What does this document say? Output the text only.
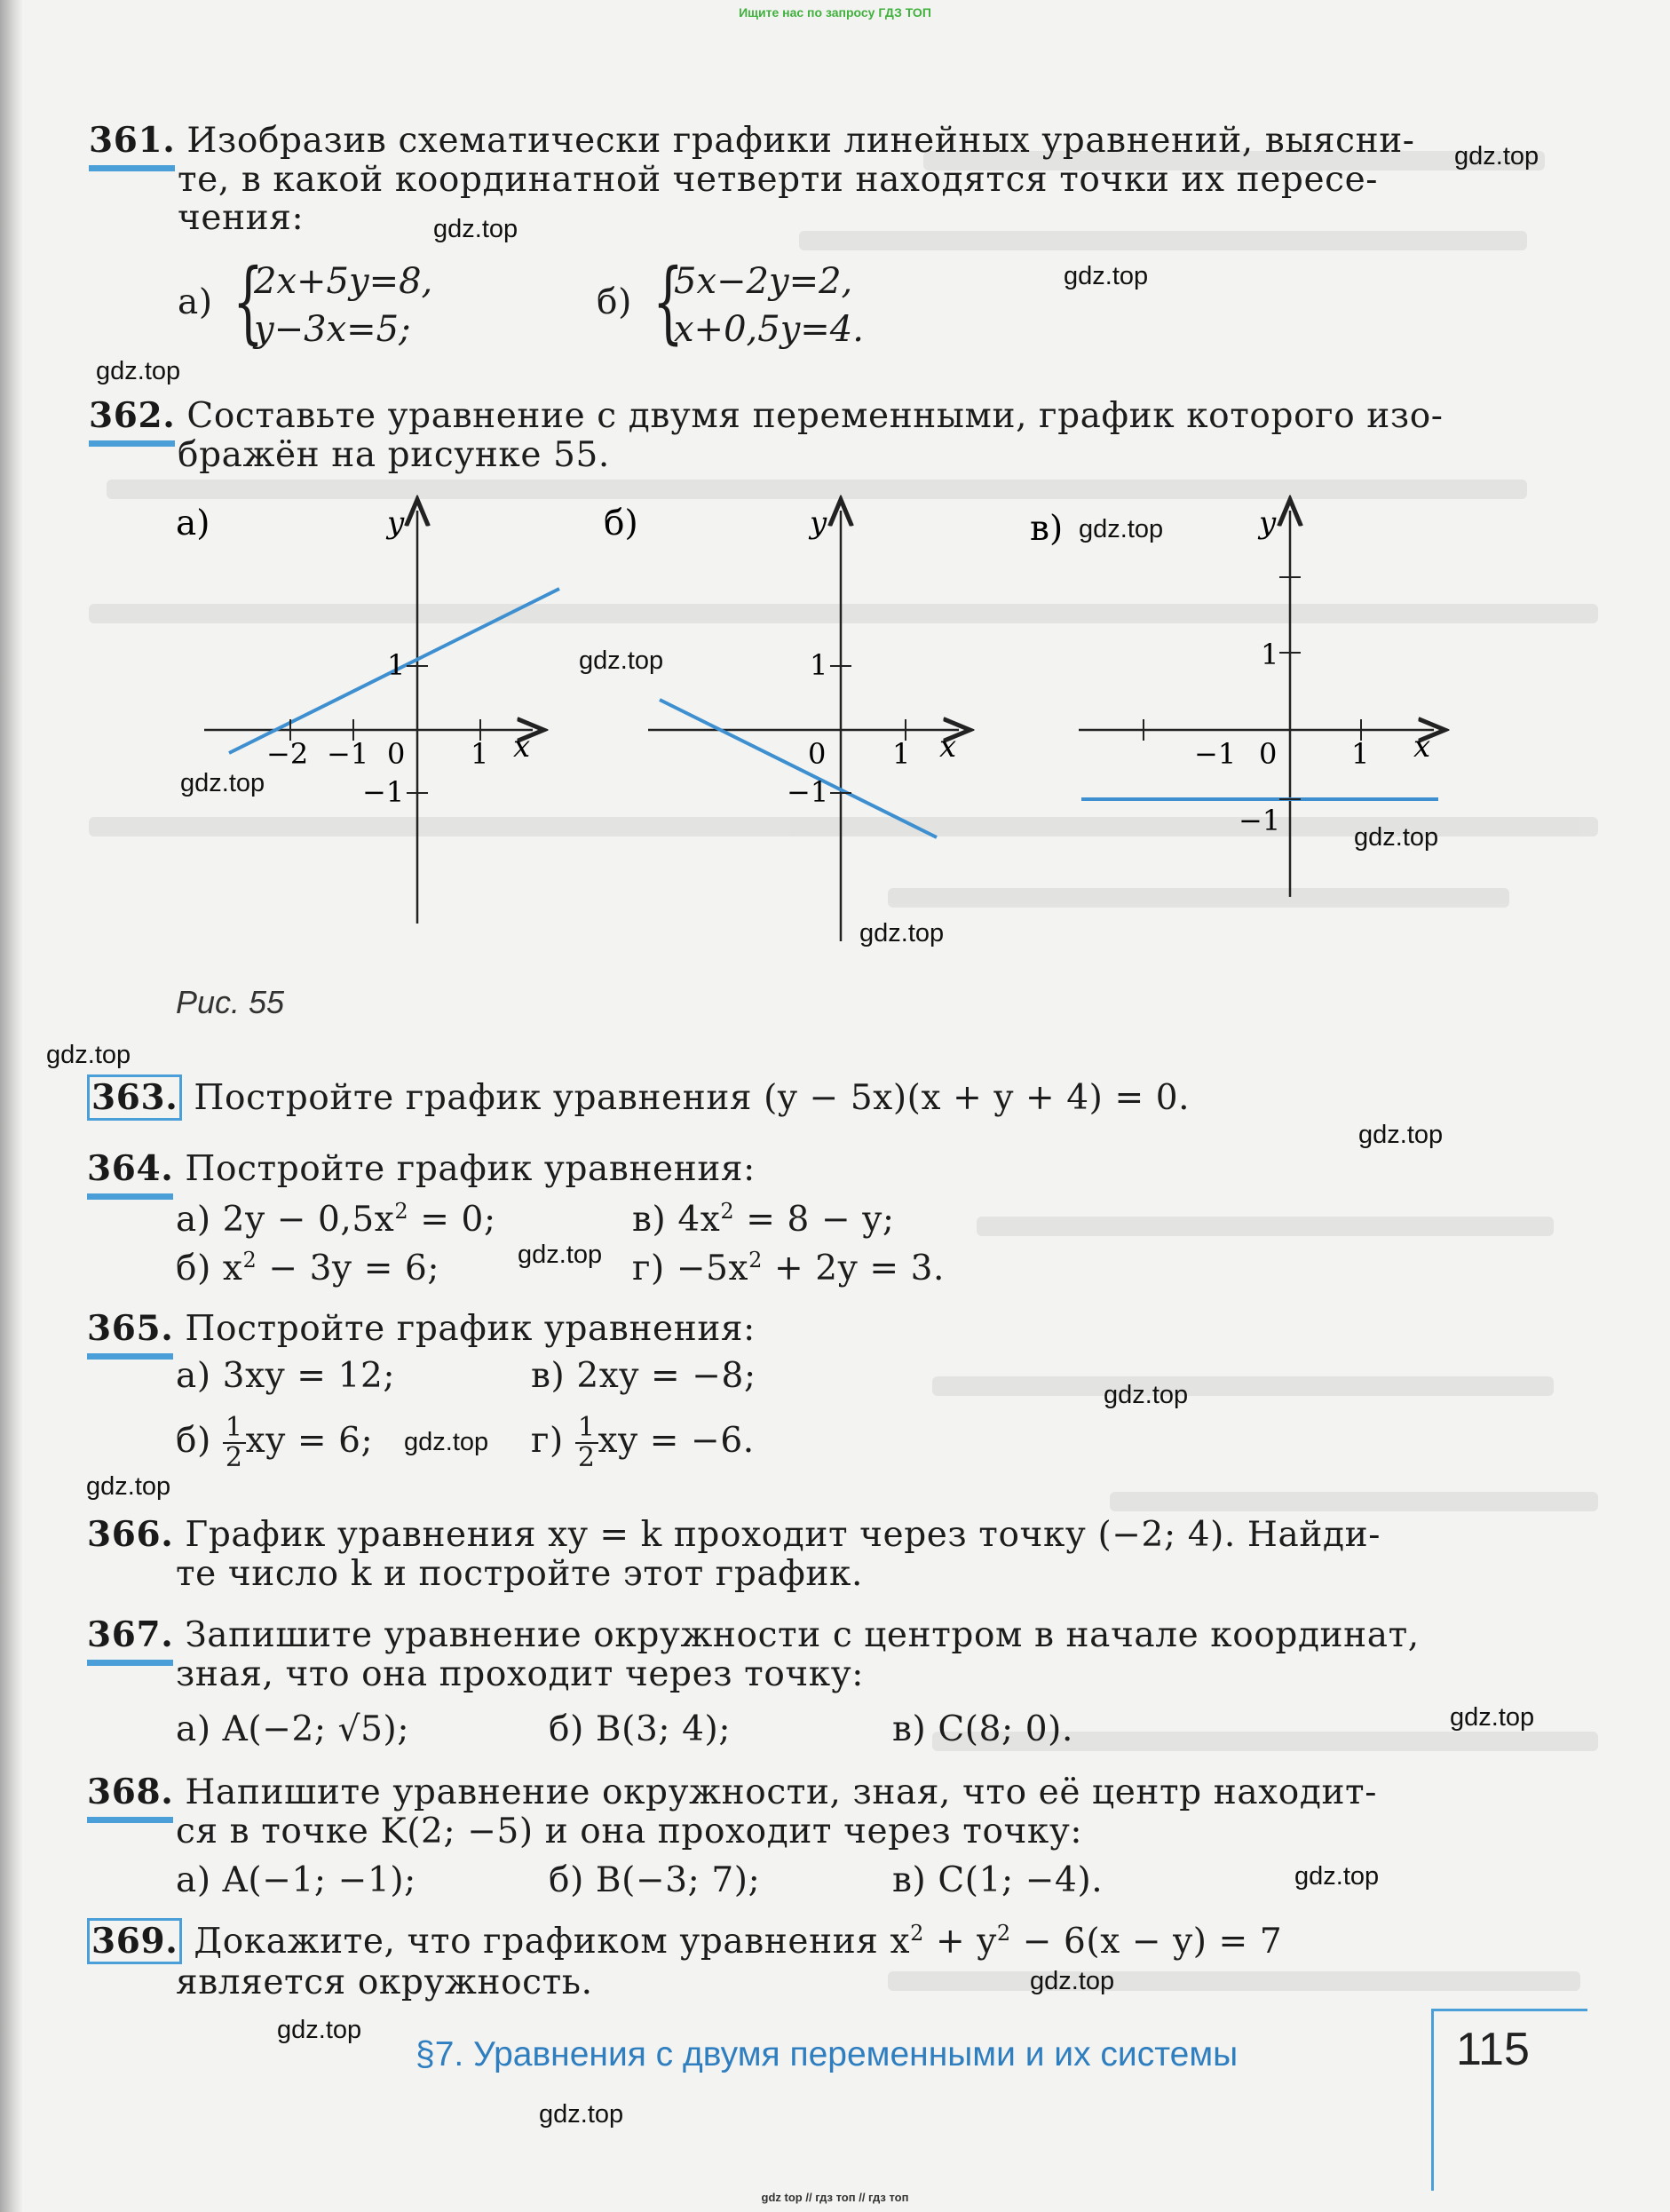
Ищите нас по запросу ГДЗ ТОП
361. Изобразив схематически графики линейных уравнений, выясни-
те, в какой координатной четверти находятся точки их пересе-
чения:
а) {
2x+5y=8,
y−3x=5;
б) {
5x−2y=2,
x+0,5y=4.
362. Составьте уравнение с двумя переменными, график которого изо-
бражён на рисунке 55.
а)	y
x
1
−2 −1 0 1
−1
б)	y
x
1
0 1
−1
в)	y
x
1
−1 0	1
−1
Рис. 55
363. Постройте график уравнения (y − 5x)(x + y + 4) = 0.
364. Постройте график уравнения:
а) $2y - 0,5x^2 = 0$;	в) $4x^2 = 8 - y$;
б) $x^2 - 3y = 6$;	$г) -5x^2 + 2y = 3$.
365. Постройте график уравнения:
а) 3xy = 12;	в) 2xy = −8;
$б) \frac{1}{2}$ xy = 6;	$г) \frac{1}{2}$ xy = −6.
366. График уравнения xy = k проходит через точку (−2; 4). Найди-
те число k и постройте этот график.
367. Запишите уравнение окружности с центром в начале координат,
зная, что она проходит через точку:
а) A(−2; √5);	б) B(3; 4);	в) C(8; 0).
368. Напишите уравнение окружности, зная, что её центр находит-
ся в точке K(2; −5) и она проходит через точку:
а) A(−1; −1);	б) B(−3; 7);	в) C(1; −4).
369. Докажите, что графиком уравнения $x^2 + y^2 - 6(x - y) = 7$
является окружность.
§7. Уравнения с двумя переменными и их системы	115
gdz top // гдз топ // гдз топ
gdz.top
gdz.top
gdz.top
gdz.top
gdz.top
gdz.top
gdz.top
gdz.top
gdz.top
gdz.top
gdz.top
gdz.top
gdz.top
gdz.top
gdz.top
gdz.top
gdz.top
gdz.top
gdz.top
gdz.top
